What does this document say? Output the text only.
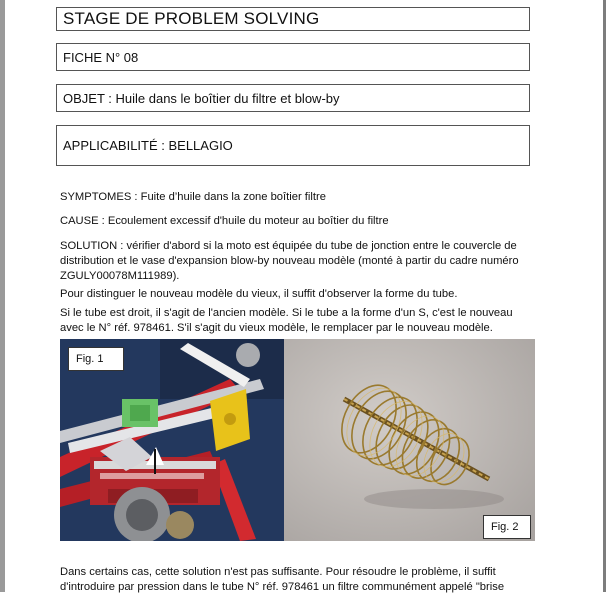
STAGE DE PROBLEM SOLVING
FICHE N° 08
OBJET : Huile dans le boîtier du filtre et blow-by
APPLICABILITÉ : BELLAGIO

SYMPTOMES : Fuite d’huile dans la zone boîtier filtre

CAUSE : Ecoulement excessif d'huile du moteur au boîtier du filtre

SOLUTION : vérifier d'abord si la moto est équipée du tube de jonction entre le couvercle de
distribution et le vase d'expansion blow-by nouveau modèle (monté à partir du cadre numéro
ZGULY00078M111989).

Pour distinguer le nouveau modèle du vieux, il suffit d'observer la forme du tube.

Si le tube est droit, il s'agit de l'ancien modèle. Si le tube a la forme d'un S, c'est le nouveau
avec le N° réf. 978461. S'il s'agit du vieux modèle, le remplacer par le nouveau modèle.

Fig. 1
Fig. 2

Dans certains cas, cette solution n'est pas suffisante. Pour résoudre le problème, il suffit
d'introduire par pression dans le tube N° réf. 978461 un filtre communément appelé "brise
